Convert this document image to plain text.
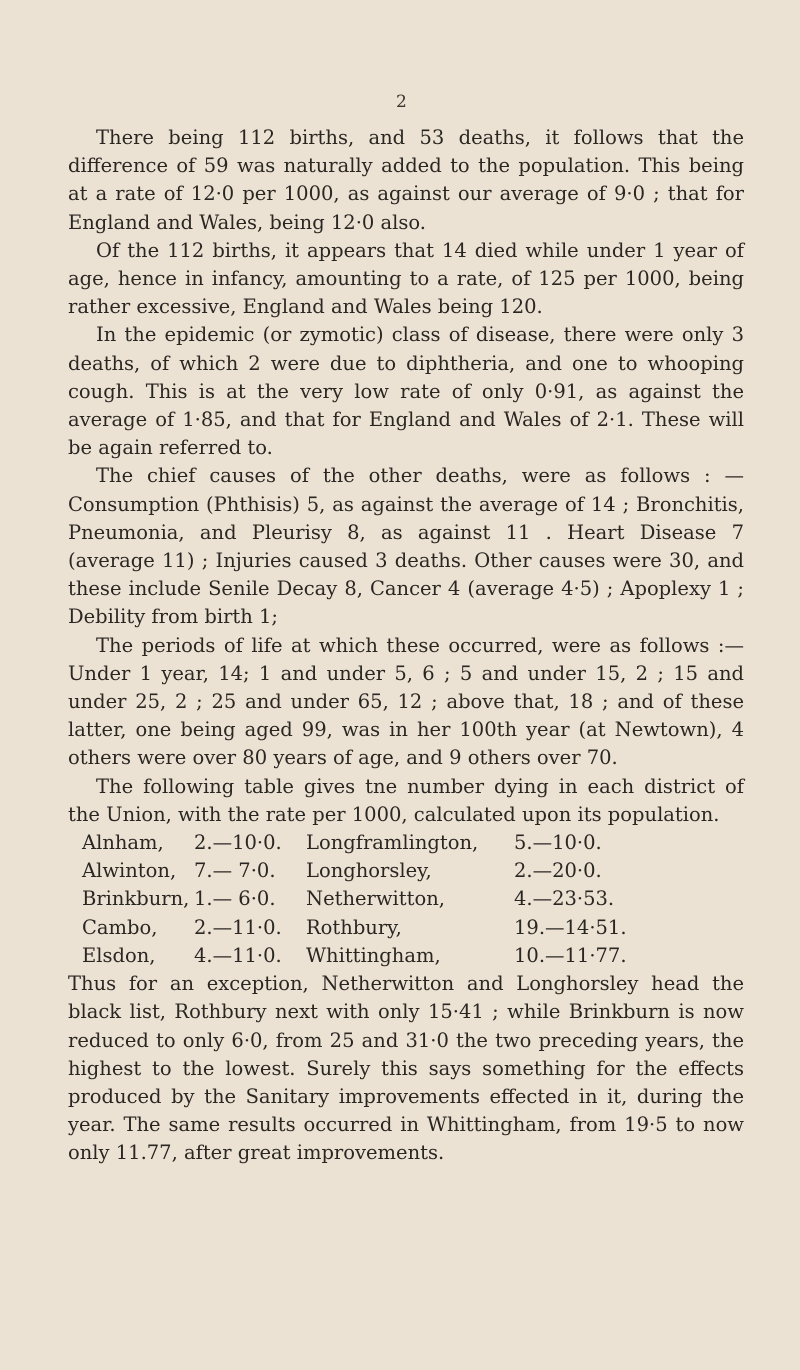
2

There being 112 births, and 53 deaths, it follows that the difference of 59 was naturally added to the population. This being at a rate of 12·0 per 1000, as against our average of 9·0 ; that for England and Wales, being 12·0 also.

Of the 112 births, it appears that 14 died while under 1 year of age, hence in infancy, amounting to a rate, of 125 per 1000, being rather excessive, England and Wales being 120.

In the epidemic (or zymotic) class of disease, there were only 3 deaths, of which 2 were due to diphtheria, and one to whooping cough. This is at the very low rate of only 0·91, as against the average of 1·85, and that for England and Wales of 2·1. These will be again referred to.

The chief causes of the other deaths, were as follows : —Consumption (Phthisis) 5, as against the average of 14 ; Bronchitis, Pneumonia, and Pleurisy 8, as against 11 . Heart Disease 7 (average 11) ; Injuries caused 3 deaths. Other causes were 30, and these include Senile Decay 8, Cancer 4 (average 4·5) ; Apoplexy 1 ; Debility from birth 1;

The periods of life at which these occurred, were as follows :—Under 1 year, 14; 1 and under 5, 6 ; 5 and under 15, 2 ; 15 and under 25, 2 ; 25 and under 65, 12 ; above that, 18 ; and of these latter, one being aged 99, was in her 100th year (at Newtown), 4 others were over 80 years of age, and 9 others over 70.

The following table gives tne number dying in each district of the Union, with the rate per 1000, calculated upon its population.

Alnham,	2.—10·0.	Longframlington,	5.—10·0.
Alwinton, 7.— 7·0.	Longhorsley,	2.—20·0.
Brinkburn, 1.— 6·0.	Netherwitton,	4.—23·53.
Cambo,	2.—11·0.	Rothbury,	19.—14·51.
Elsdon,	4.—11·0.	Whittingham,	10.—11·77.

Thus for an exception, Netherwitton and Longhorsley head the black list, Rothbury next with only 15·41 ; while Brinkburn is now reduced to only 6·0, from 25 and 31·0 the two preceding years, the highest to the lowest. Surely this says something for the effects produced by the Sanitary improvements effected in it, during the year. The same results occurred in Whittingham, from 19·5 to now only 11.77, after great improvements.
